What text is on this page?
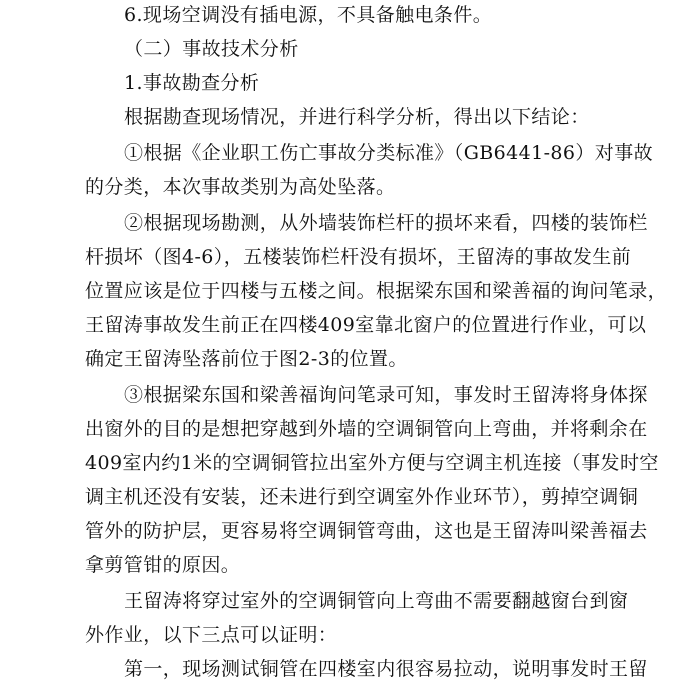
6.现场空调没有插电源，不具备触电条件。
（二）事故技术分析
1.事故勘查分析
根据勘查现场情况，并进行科学分析，得出以下结论：
①根据《企业职工伤亡事故分类标准》（GB6441-86）对事故
的分类，本次事故类别为高处坠落。
②根据现场勘测，从外墙装饰栏杆的损坏来看，四楼的装饰栏
杆损坏（图4-6），五楼装饰栏杆没有损坏，王留涛的事故发生前
位置应该是位于四楼与五楼之间。根据梁东国和梁善福的询问笔录，
王留涛事故发生前正在四楼409室靠北窗户的位置进行作业，可以
确定王留涛坠落前位于图2-3的位置。
③根据梁东国和梁善福询问笔录可知，事发时王留涛将身体探
出窗外的目的是想把穿越到外墙的空调铜管向上弯曲，并将剩余在
409室内约1米的空调铜管拉出室外方便与空调主机连接（事发时空
调主机还没有安装，还未进行到空调室外作业环节），剪掉空调铜
管外的防护层，更容易将空调铜管弯曲，这也是王留涛叫梁善福去
拿剪管钳的原因。
王留涛将穿过室外的空调铜管向上弯曲不需要翻越窗台到窗
外作业，以下三点可以证明：
第一，现场测试铜管在四楼室内很容易拉动，说明事发时王留
